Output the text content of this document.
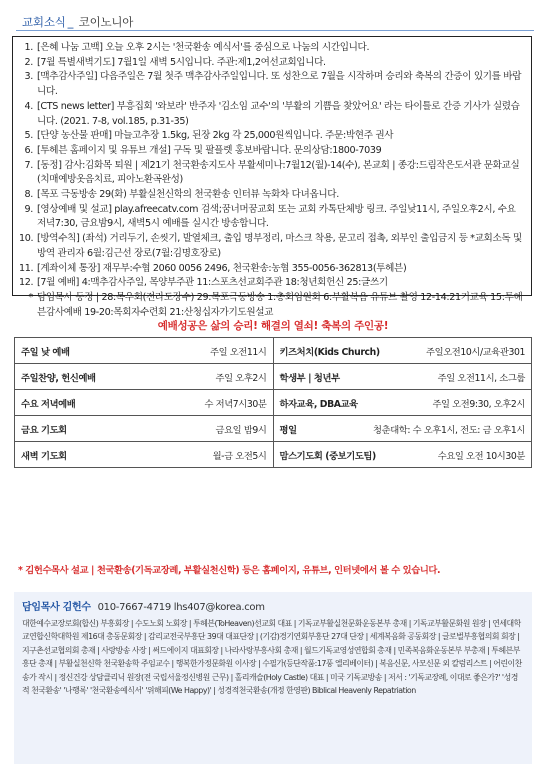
교회소식 _ 코이노니아
1. [은혜 나눔 고백] 오늘 오후 2시는 '천국환송 예식서'를 중심으로 나눔의 시간입니다.
2. [7월 특별새벽기도] 7월1일 새벽 5시입니다. 주관:제1,2여선교회입니다.
3. [맥추감사주일] 다음주일은 7월 첫주 맥추감사주일입니다. 또 성찬으로 7월을 시작하며 승리와 축복의 간증이 있기를 바랍니다.
4. [CTS news letter] 부흥집회 '와보라' 반주자 '김소임 교수'의 '부활의 기쁨을 찾았어요' 라는 타이틀로 간증 기사가 실렸습니다. (2021. 7-8, vol.185, p.31-35)
5. [단양 농산물 판매] 마늘고추장 1.5kg, 된장 2kg 각 25,000원씩입니다. 주문:박현주 권사
6. [투헤븐 홈페이지 및 유튜브 개설] 구독 및 팔플렛 홍보바랍니다. 문의상담:1800-7039
7. [동정] 감사:김화목 퇴원 | 제21기 천국환송지도사 부활세미나:7월12(월)-14(수), 본교회 | 종강:드림작은도서관 문화교실(치매예방옷음치료, 피아노환곡완성)
8. [목포 극동방송 29(화) 부활실천신학의 천국환송 인터뷰 녹화차 다녀옵니다.
9. [영상예배 및 설교] play.afreecatv.com 검색;꿈너머꿈교회 또는 교회 카톡단체방 링크. 주일낮11시, 주일오후2시, 수요저녁7:30, 금요밤9시, 새벽5시 예배를 실시간 방송합니다.
10. [방역수칙] (좌석) 거리두기, 손씻기, 발열체크, 출입 명부정리, 마스크 착용, 문고리 접촉, 외부인 출입금지 등 *교회소독 및 방역 관리자 6월:김근선 장로(7월:김명호장로)
11. [계좌이체 통장] 재무부:수협 2060 0056 2496, 천국환송:농협 355-0056-362813(투헤븐)
12. [7월 예배] 4:맥추감사주일, 목양부주관 11:스포츠선교회주관 18:청년회헌신 25:글쓰기
* 담임목사 동정 | 28:목우회(전라도장수) 29:목포극동방송 1:총회임원회 6:부활복음 유튜브 촬영 12-14:21기교육 15:투헤븐감사예배 19-20:목회자수련회 21:산청십자가기도원설교
예배성공은 삶의 승리! 해결의 열쇠! 축복의 주인공!
주일 낮 예배 주일 오전11시	키즈처치(Kids Church) 주일오전10시/교육관301

주일찬양, 헌신예배 주일 오후2시	학생부 | 청년부 주일 오전11시, 소그룹

수요 저녁예배 수 저녁7시30분	하자교육, DBA교육 주일 오전9:30, 오후2시

금요 기도회 금요일 밤9시	평일 청춘대학: 수 오후1시, 전도: 금 오후1시

새벽 기도회 월-금 오전5시	맘스기도회 (중보기도팀) 수요일 오전 10시30분
* 김헌수목사 설교 | 천국환송(기독교장례, 부활실천신학) 등은 홈페이지, 유튜브, 인터넷에서 볼 수 있습니다.
담임목사 김헌수 010-7667-4719 lhs407@korea.com

대한예수교장로회(합신) 부흥회장 | 수도노회 노회장 | 투헤븐(ToHeaven)선교회 대표 | 기독교부활실천문화운동본부 총재 | 기독교부활문화원 원장 | 연세대학교연합신학대학원 제16대 총동문회장 | 감리교전국부흥단 39대 대표단장 | (기감)경기연회부흥단 27대 단장 | 세계복음화 공동회장 | 글로벌부흥협의회 회장 | 지구촌선교협의회 총재 | 사랑방송 사장 | 써드에이지 대표회장 | 나라사랑부흥사회 총재 | 월드기독교영성연합회 총재 | 민족복음화운동본부 부총재 | 투헤븐부흥단 총재 | 부활실천신학 천국환송학 주임교수 | 행복한가정문화원 이사장 | 수필가(등단작품:17풍 엘리베이터) | 복음신문, 사모신문 외 칼럼리스트 | 어린이찬송가 작시 | 정신건강 상담클리닉 원장(전 국립서울정신병원 근무) | 홀리캐슬(Holy Castle) 대표 | 미국 기독교방송 | 저서 : '기독교장례, 이대로 좋은가?' '성경적 천국환송' '나행록' '천국환송예식서' '위해피(We Happy)' | 성경적천국환송(개정 한영판) Biblical Heavenly Repatriation
